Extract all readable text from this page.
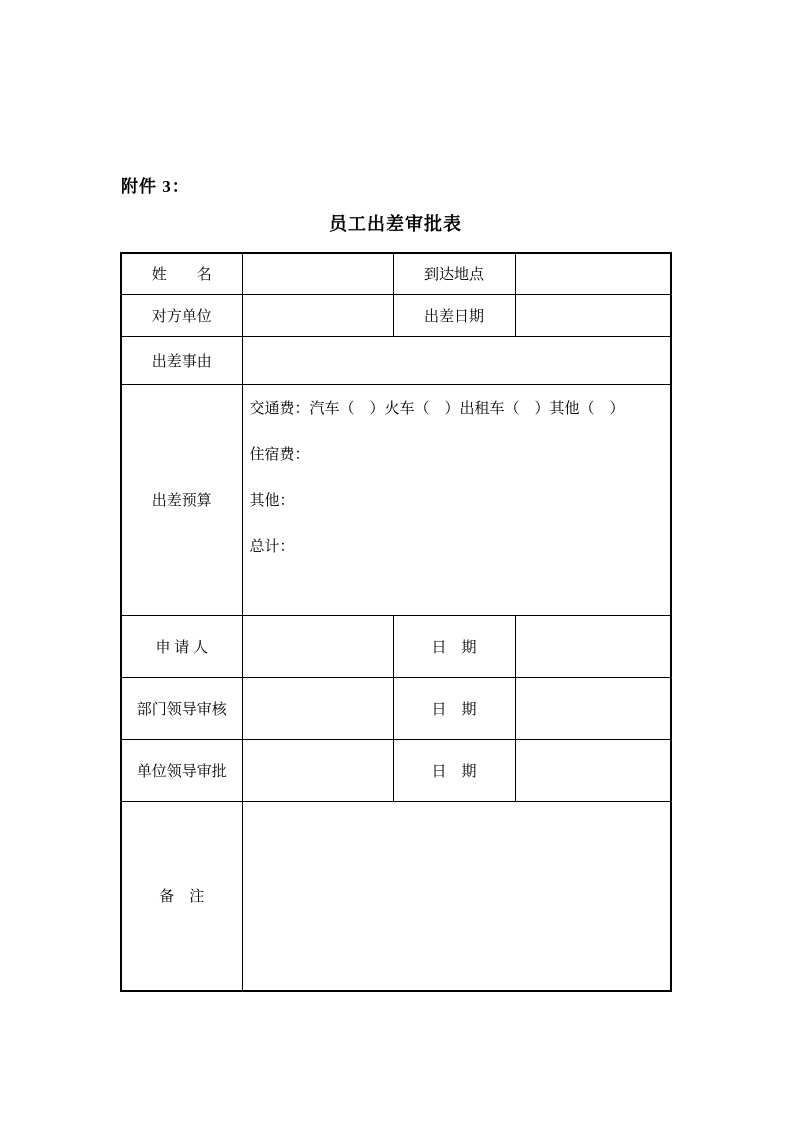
附件 3：
员工出差审批表
姓　　名		到达地点	
对方单位		出差日期	
出差事由			
出差预算	交通费：汽车（　）火车（　）出租车（　）其他（　）
住宿费：
其他：
总计：		

申 请 人		日　期	
部门领导审核		日　期	
单位领导审批		日　期	
备　注			
